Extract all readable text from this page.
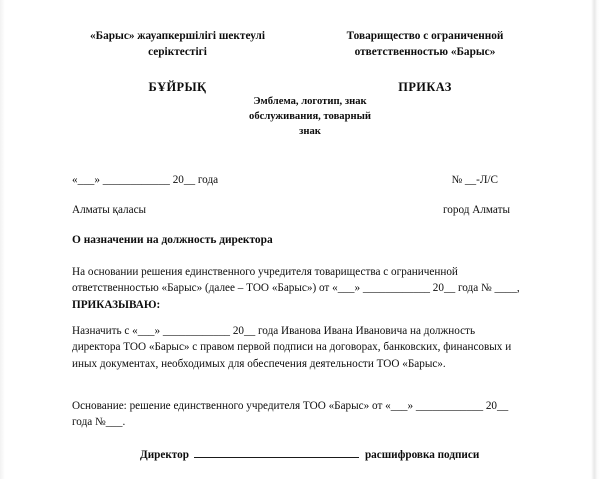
«Барыс» жауапкершілігі шектеулі серіктестігі
БҰЙРЫҚ
Товарищество с ограниченной ответственностью «Барыс»
ПРИКАЗ
Эмблема, логотип, знак обслуживания, товарный знак
«___» ____________ 20__ года	№ __-Л/С
Алматы қаласы	город Алматы
О назначении на должность директора
На основании решения единственного учредителя товарищества с ограниченной ответственностью «Барыс» (далее – ТОО «Барыс») от «___» ____________ 20__ года № ____, ПРИКАЗЫВАЮ:
Назначить с «___» ____________ 20__ года Иванова Ивана Ивановича на должность директора ТОО «Барыс» с правом первой подписи на договорах, банковских, финансовых и иных документах, необходимых для обеспечения деятельности ТОО «Барыс».
Основание: решение единственного учредителя ТОО «Барыс» от «___» ____________ 20__ года №___.
Директор	расшифровка подписи
